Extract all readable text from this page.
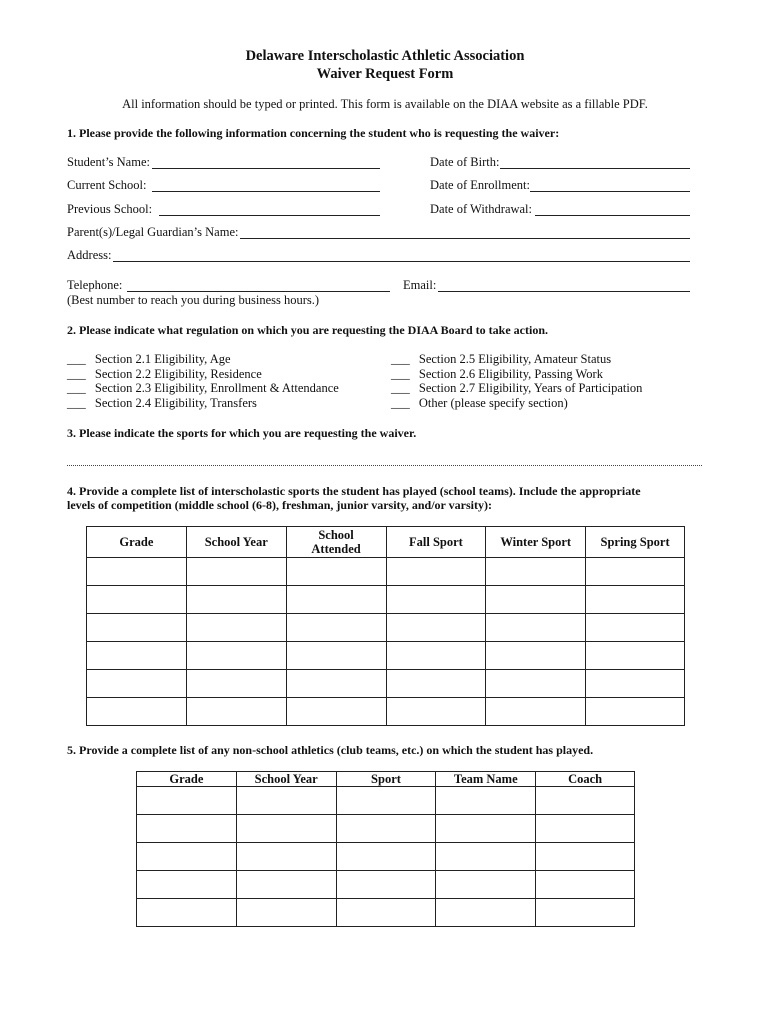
Delaware Interscholastic Athletic Association
Waiver Request Form
All information should be typed or printed. This form is available on the DIAA website as a fillable PDF.
1. Please provide the following information concerning the student who is requesting the waiver:
Student’s Name:	Date of Birth:
Current School:	Date of Enrollment:
Previous School:	Date of Withdrawal:
Parent(s)/Legal Guardian’s Name:
Address:
Telephone:	Email:
(Best number to reach you during business hours.)
2. Please indicate what regulation on which you are requesting the DIAA Board to take action.
___ Section 2.1 Eligibility, Age
___ Section 2.2 Eligibility, Residence
___ Section 2.3 Eligibility, Enrollment & Attendance
___ Section 2.4 Eligibility, Transfers
___ Section 2.5 Eligibility, Amateur Status
___ Section 2.6 Eligibility, Passing Work
___ Section 2.7 Eligibility, Years of Participation
___ Other (please specify section)
3. Please indicate the sports for which you are requesting the waiver.
4. Provide a complete list of interscholastic sports the student has played (school teams). Include the appropriate
levels of competition (middle school (6-8), freshman, junior varsity, and/or varsity):
Grade	School Year	School
Attended	Fall Sport	Winter Sport	Spring Sport

5. Provide a complete list of any non-school athletics (club teams, etc.) on which the student has played.
Grade	School Year	Sport	Team Name	Coach
